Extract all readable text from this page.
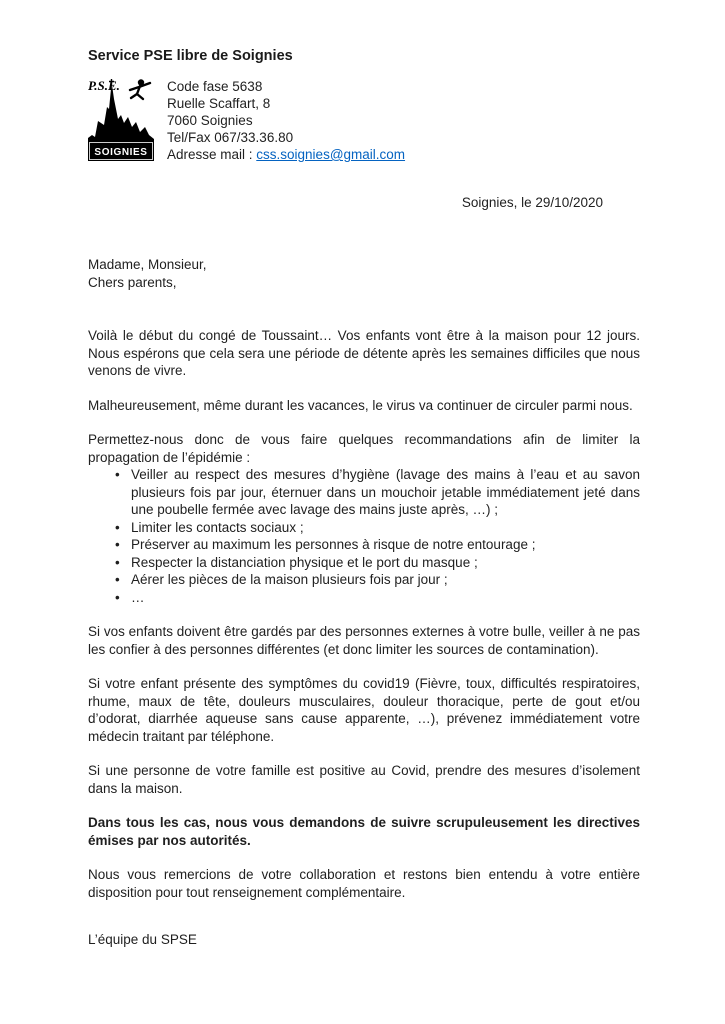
Service PSE libre de Soignies
P.S.E.
SOIGNIES
Code fase 5638
Ruelle Scaffart, 8
7060 Soignies
Tel/Fax 067/33.36.80
Adresse mail : css.soignies@gmail.com
Soignies, le 29/10/2020
Madame, Monsieur,
Chers parents,

Voilà le début du congé de Toussaint… Vos enfants vont être à la maison pour 12 jours. Nous espérons que cela sera une période de détente après les semaines difficiles que nous venons de vivre.

Malheureusement, même durant les vacances, le virus va continuer de circuler parmi nous.

Permettez-nous donc de vous faire quelques recommandations afin de limiter la propagation de l’épidémie :

• Veiller au respect des mesures d’hygiène (lavage des mains à l’eau et au savon plusieurs fois par jour, éternuer dans un mouchoir jetable immédiatement jeté dans une poubelle fermée avec lavage des mains juste après, …) ;
• Limiter les contacts sociaux ;
• Préserver au maximum les personnes à risque de notre entourage ;
• Respecter la distanciation physique et le port du masque ;
• Aérer les pièces de la maison plusieurs fois par jour ;
• …

Si vos enfants doivent être gardés par des personnes externes à votre bulle, veiller à ne pas les confier à des personnes différentes (et donc limiter les sources de contamination).

Si votre enfant présente des symptômes du covid19 (Fièvre, toux, difficultés respiratoires, rhume, maux de tête, douleurs musculaires, douleur thoracique, perte de gout et/ou d’odorat, diarrhée aqueuse sans cause apparente, …), prévenez immédiatement votre médecin traitant par téléphone.

Si une personne de votre famille est positive au Covid, prendre des mesures d’isolement dans la maison.

Dans tous les cas, nous vous demandons de suivre scrupuleusement les directives émises par nos autorités.

Nous vous remercions de votre collaboration et restons bien entendu à votre entière disposition pour tout renseignement complémentaire.

L’équipe du SPSE
